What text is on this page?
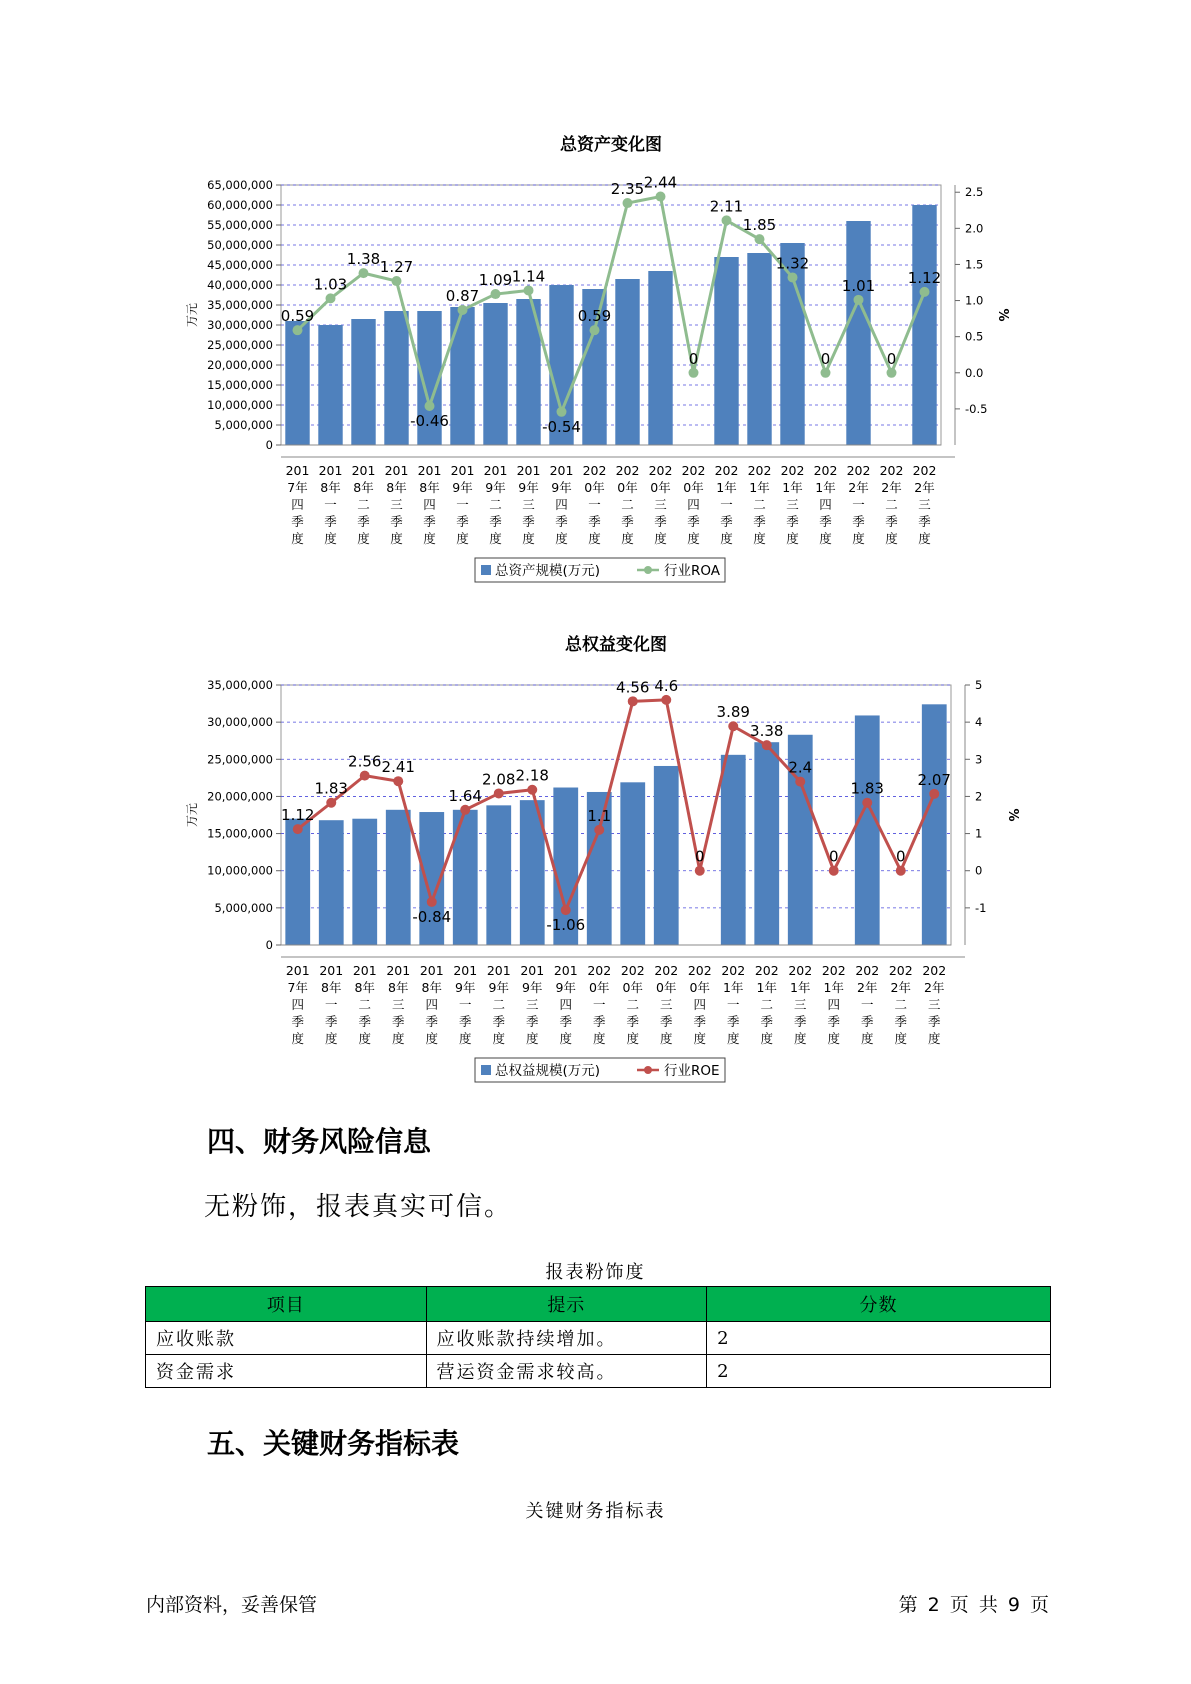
总资产变化图
0
5,000,000
10,000,000
15,000,000
20,000,000
25,000,000
30,000,000
35,000,000
40,000,000
45,000,000
50,000,000
55,000,000
60,000,000
65,000,000
-0.5
0.0
0.5
1.0
1.5
2.0
2.5
万元	%
0.59
1.03
1.38 1.27
-0.46
0.87
1.09 1.14
-0.54
0.59
2.35 2.44
0
2.11
1.85
1.32
0
1.01
0
1.12
201 7年四季度
201 8年一季度
201 8年二季度
201 8年三季度
201 8年四季度
201 9年一季度
201 9年二季度
201 9年三季度
201 9年四季度
202 0年一季度
202 0年二季度
202 0年三季度
202 0年四季度
202 1年一季度
202 1年二季度
202 1年三季度
202 1年四季度
202 2年一季度
202 2年二季度
202 2年三季度
总资产规模(万元)	行业ROA
总权益变化图
0
5,000,000
10,000,000
15,000,000
20,000,000
25,000,000
30,000,000
35,000,000
-1
0
1
2
3
4
5
万元	%
1.12
1.83
2.56 2.41
-0.84
1.64
2.08 2.18
-1.06
1.1
4.56 4.6
0
3.89
3.38
2.4
0
1.83
0
2.07
201 7年四季度
201 8年一季度
201 8年二季度
201 8年三季度
201 8年四季度
201 9年一季度
201 9年二季度
201 9年三季度
201 9年四季度
202 0年一季度
202 0年二季度
202 0年三季度
202 0年四季度
202 1年一季度
202 1年二季度
202 1年三季度
202 1年四季度
202 2年一季度
202 2年二季度
202 2年三季度
总权益规模(万元)	行业ROE
四、财务风险信息
无粉饰，报表真实可信。
报表粉饰度
项目	提示	分数
应收账款	应收账款持续增加。	2
资金需求	营运资金需求较高。	2
五、关键财务指标表
关键财务指标表
内部资料，妥善保管	第 2 页 共 9 页
